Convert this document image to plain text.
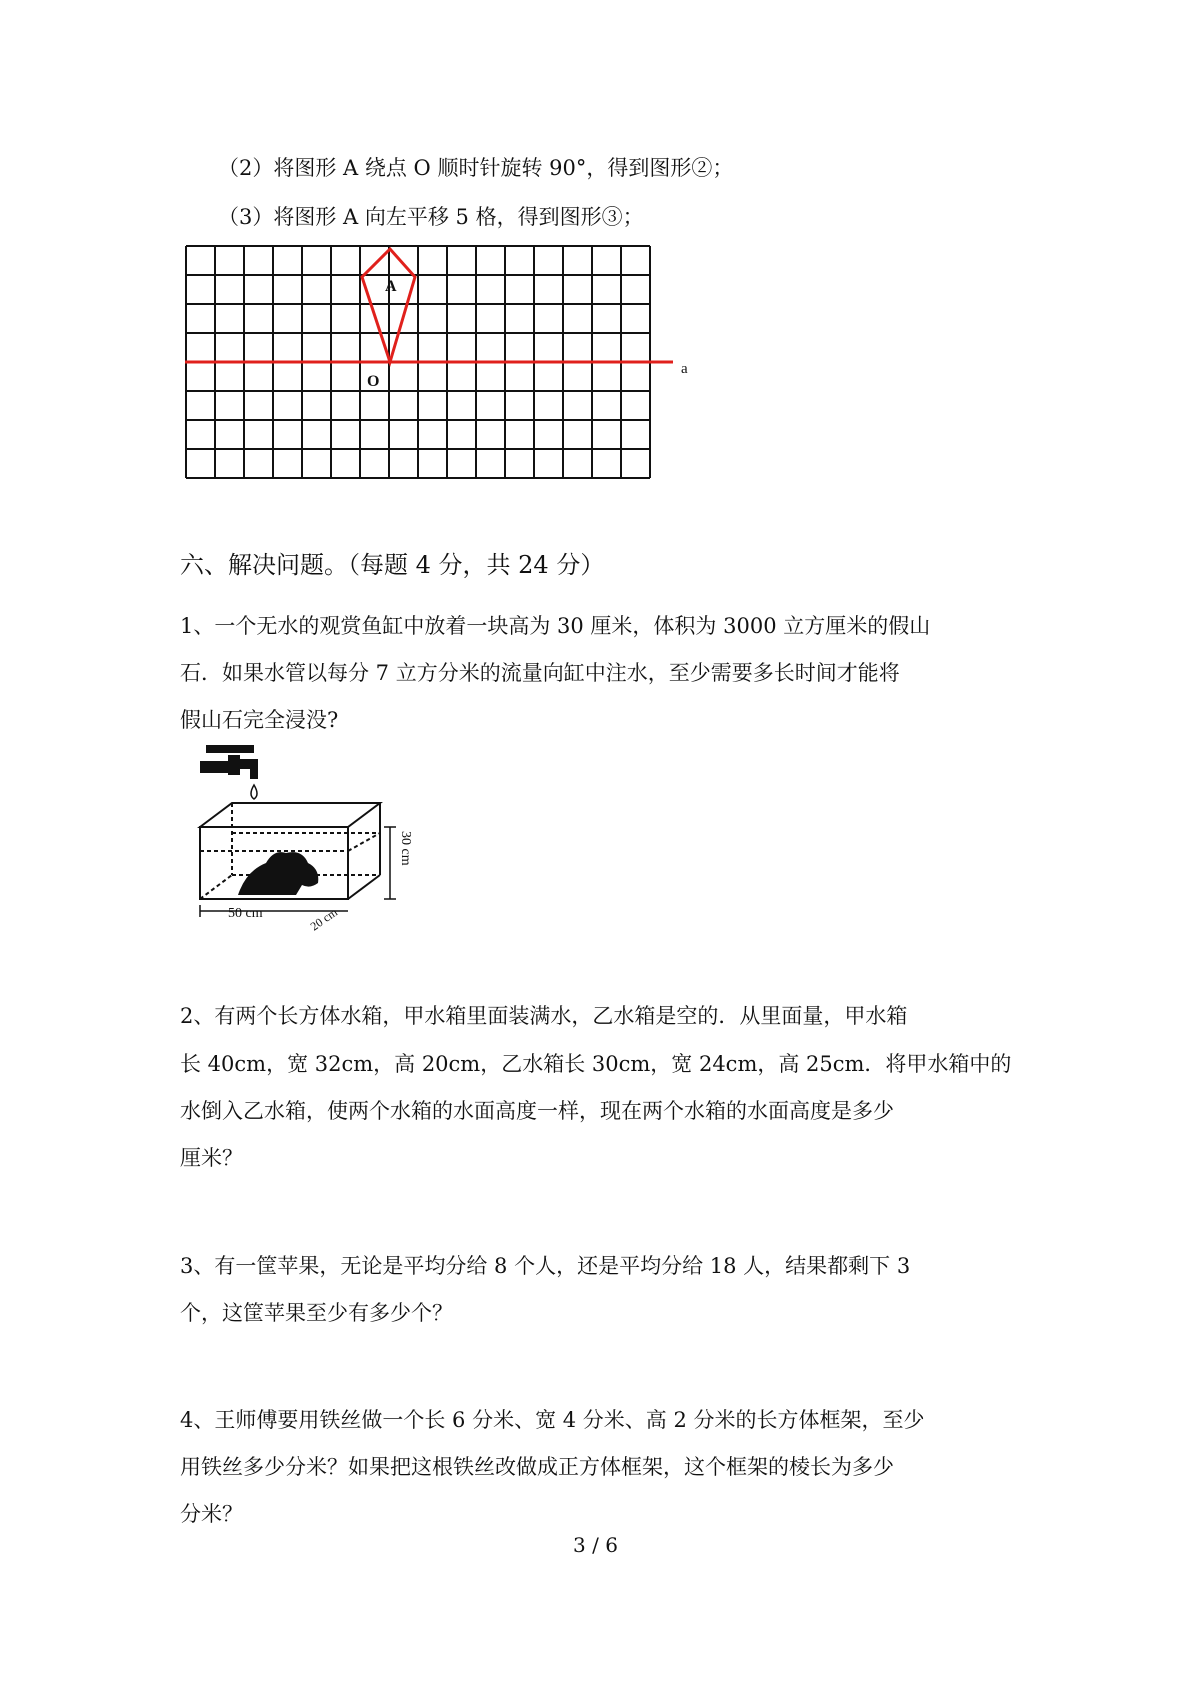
（2）将图形 A 绕点 O 顺时针旋转 90°，得到图形②；
（3）将图形 A 向左平移 5 格，得到图形③；
A
O
a
六、解决问题。（每题 4 分，共 24 分）
1、一个无水的观赏鱼缸中放着一块高为 30 厘米，体积为 3000 立方厘米的假山
石．如果水管以每分 7 立方分米的流量向缸中注水，至少需要多长时间才能将
假山石完全浸没?
50 cm	20 cm
30 cm
2、有两个长方体水箱，甲水箱里面装满水，乙水箱是空的．从里面量，甲水箱
长 40cm，宽 32cm，高 20cm，乙水箱长 30cm，宽 24cm，高 25cm．将甲水箱中的
水倒入乙水箱，使两个水箱的水面高度一样，现在两个水箱的水面高度是多少
厘米？
3、有一筐苹果，无论是平均分给 8 个人，还是平均分给 18 人，结果都剩下 3
个，这筐苹果至少有多少个？
4、王师傅要用铁丝做一个长 6 分米、宽 4 分米、高 2 分米的长方体框架，至少
用铁丝多少分米？如果把这根铁丝改做成正方体框架，这个框架的棱长为多少
分米？
3 / 6
